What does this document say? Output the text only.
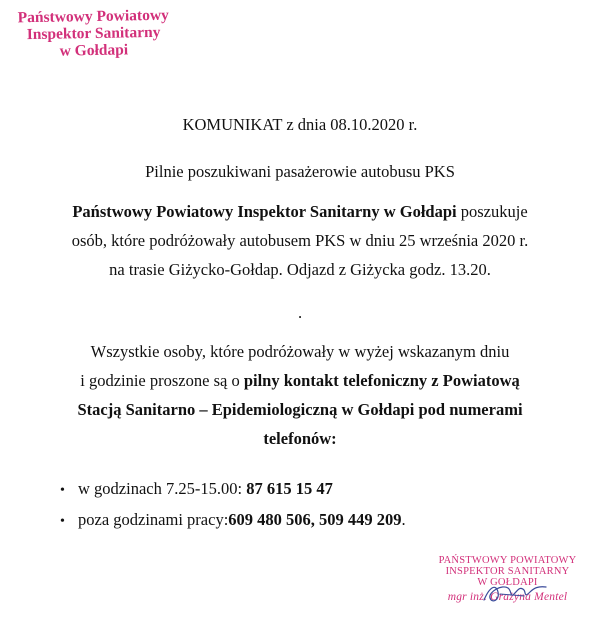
Państwowy Powiatowy
Inspektor Sanitarny
w Gołdapi
KOMUNIKAT z dnia 08.10.2020 r.
Pilnie poszukiwani pasażerowie autobusu PKS
Państwowy Powiatowy Inspektor Sanitarny w Gołdapi poszukuje
osób, które podróżowały autobusem PKS w dniu 25 września 2020 r.
na trasie Giżycko-Gołdap. Odjazd z Giżycka godz. 13.20.
.
Wszystkie osoby, które podróżowały w wyżej wskazanym dniu
i godzinie proszone są o pilny kontakt telefoniczny z Powiatową
Stacją Sanitarno – Epidemiologiczną w Gołdapi pod numerami
telefonów:
• w godzinach 7.25-15.00: 87 615 15 47
• poza godzinami pracy:609 480 506, 509 449 209.
PAŃSTWOWY POWIATOWY
INSPEKTOR SANITARNY
W GOŁDAPI
mgr inż. Grażyna Mentel
